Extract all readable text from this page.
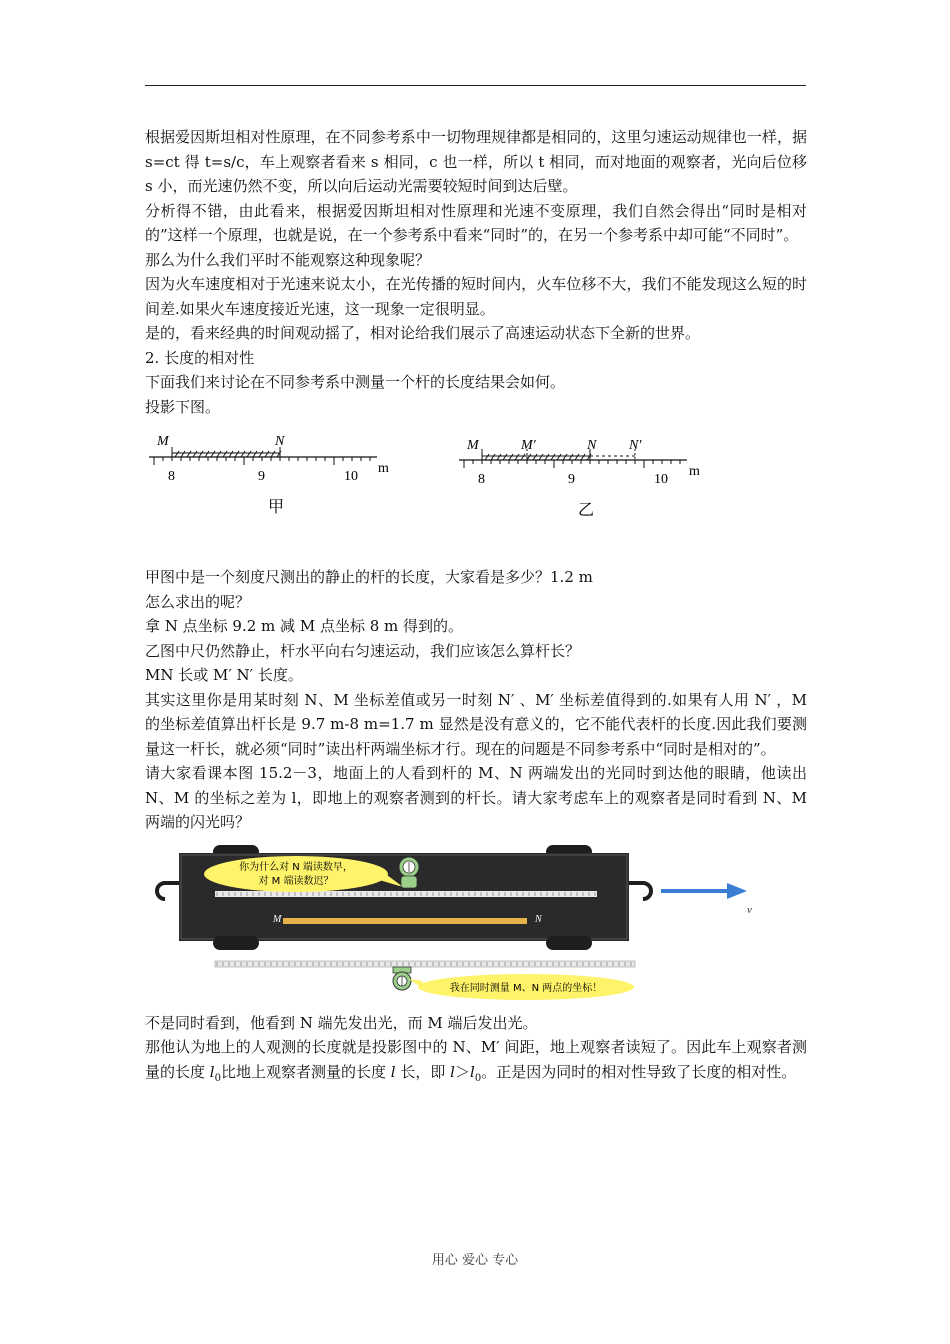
根据爱因斯坦相对性原理，在不同参考系中一切物理规律都是相同的，这里匀速运动规律也一样，据 s=ct 得 t=s/c，车上观察者看来 s 相同，c 也一样，所以 t 相同，而对地面的观察者，光向后位移 s 小，而光速仍然不变，所以向后运动光需要较短时间到达后壁。

分析得不错，由此看来，根据爱因斯坦相对性原理和光速不变原理，我们自然会得出“同时是相对的”这样一个原理，也就是说，在一个参考系中看来“同时”的，在另一个参考系中却可能“不同时”。

那么为什么我们平时不能观察这种现象呢？

因为火车速度相对于光速来说太小，在光传播的短时间内，火车位移不大，我们不能发现这么短的时间差.如果火车速度接近光速，这一现象一定很明显。

是的，看来经典的时间观动摇了，相对论给我们展示了高速运动状态下全新的世界。

2. 长度的相对性

下面我们来讨论在不同参考系中测量一个杆的长度结果会如何。

投影下图。

M	N
8	9	10
m
甲
M	M′	N N′
8	9	10
m
乙

甲图中是一个刻度尺测出的静止的杆的长度，大家看是多少？1.2 m

怎么求出的呢？

拿 N 点坐标 9.2 m 减 M 点坐标 8 m 得到的。

乙图中尺仍然静止，杆水平向右匀速运动，我们应该怎么算杆长？

MN 长或 M′ N′ 长度。

其实这里你是用某时刻 N、M 坐标差值或另一时刻 N′ 、M′ 坐标差值得到的.如果有人用 N′ ，M 的坐标差值算出杆长是 9.7 m-8 m=1.7 m 显然是没有意义的，它不能代表杆的长度.因此我们要测量这一杆长，就必须“同时”读出杆两端坐标才行。现在的问题是不同参考系中“同时是相对的”。

请大家看课本图 15.2－3，地面上的人看到杆的 M、N 两端发出的光同时到达他的眼睛，他读出 N、M 的坐标之差为 l，即地上的观察者测到的杆长。请大家考虑车上的观察者是同时看到 N、M 两端的闪光吗？

M	N
你为什么对 N 端读数早，
对 M 端读数迟？
v
我在同时测量 M、N 两点的坐标！

不是同时看到，他看到 N 端先发出光，而 M 端后发出光。

那他认为地上的人观测的长度就是投影图中的 N、M′ 间距，地上观察者读短了。因此车上观察者测量的长度 $l_0$比地上观察者测量的长度 l 长，即 $l>l_0$。正是因为同时的相对性导致了长度的相对性。

用心 爱心 专心
